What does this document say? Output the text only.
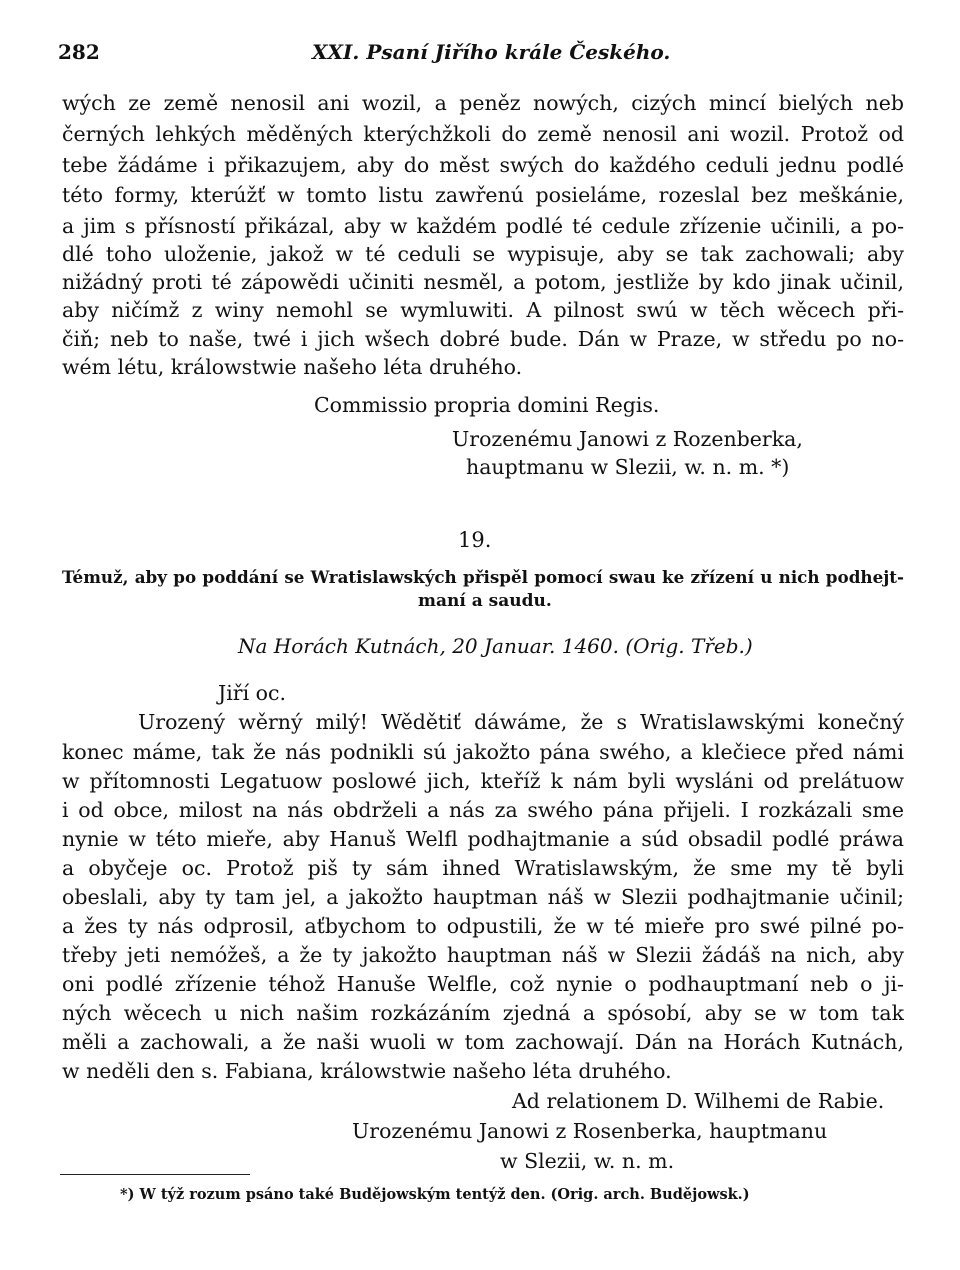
282	XXI. Psaní Jiřího krále Českého.
wých ze země nenosil ani wozil, a peněz nowých, cizých mincí bielých neb
černých lehkých měděných kterýchžkoli do země nenosil ani wozil. Protož od
tebe žádáme i přikazujem, aby do měst swých do každého ceduli jednu podlé
této formy, kterúžť w tomto listu zawřenú posieláme, rozeslal bez meškánie,
a jim s přísností přikázal, aby w každém podlé té cedule zřízenie učinili, a po-
dlé toho uloženie, jakož w té ceduli se wypisuje, aby se tak zachowali; aby
nižádný proti té zápowědi učiniti nesměl, a potom, jestliže by kdo jinak učinil,
aby ničímž z winy nemohl se wymluwiti. A pilnost swú w těch wěcech při-
čiň; neb to naše, twé i jich wšech dobré bude. Dán w Praze, w středu po no-
wém létu, králowstwie našeho léta druhého.
Commissio propria domini Regis.
Urozenému Janowi z Rozenberka,
hauptmanu w Slezii, w. n. m. *)
19.
Témuž, aby po poddání se Wratislawských přispěl pomocí swau ke zřízení u nich podhejt-
maní a saudu.
Na Horách Kutnách, 20 Januar. 1460. (Orig. Třeb.)
Jiří oc.
Urozený wěrný milý! Wědětiť dáwáme, že s Wratislawskými konečný
konec máme, tak že nás podnikli sú jakožto pána swého, a klečiece před námi
w přítomnosti Legatuow poslowé jich, kteříž k nám byli wysláni od prelátuow
i od obce, milost na nás obdrželi a nás za swého pána přijeli. I rozkázali sme
nynie w této mieře, aby Hanuš Welfl podhajtmanie a súd obsadil podlé práwa
a obyčeje oc. Protož piš ty sám ihned Wratislawským, že sme my tě byli
obeslali, aby ty tam jel, a jakožto hauptman náš w Slezii podhajtmanie učinil;
a žes ty nás odprosil, aťbychom to odpustili, že w té mieře pro swé pilné po-
třeby jeti nemóžeš, a že ty jakožto hauptman náš w Slezii žádáš na nich, aby
oni podlé zřízenie téhož Hanuše Welfle, což nynie o podhauptmaní neb o ji-
ných wěcech u nich našim rozkázáním zjedná a spósobí, aby se w tom tak
měli a zachowali, a že naši wuoli w tom zachowají. Dán na Horách Kutnách,
w neděli den s. Fabiana, králowstwie našeho léta druhého.
Ad relationem D. Wilhemi de Rabie.
Urozenému Janowi z Rosenberka, hauptmanu
w Slezii, w. n. m.
*) W týž rozum psáno také Budějowským tentýž den. (Orig. arch. Budějowsk.)
